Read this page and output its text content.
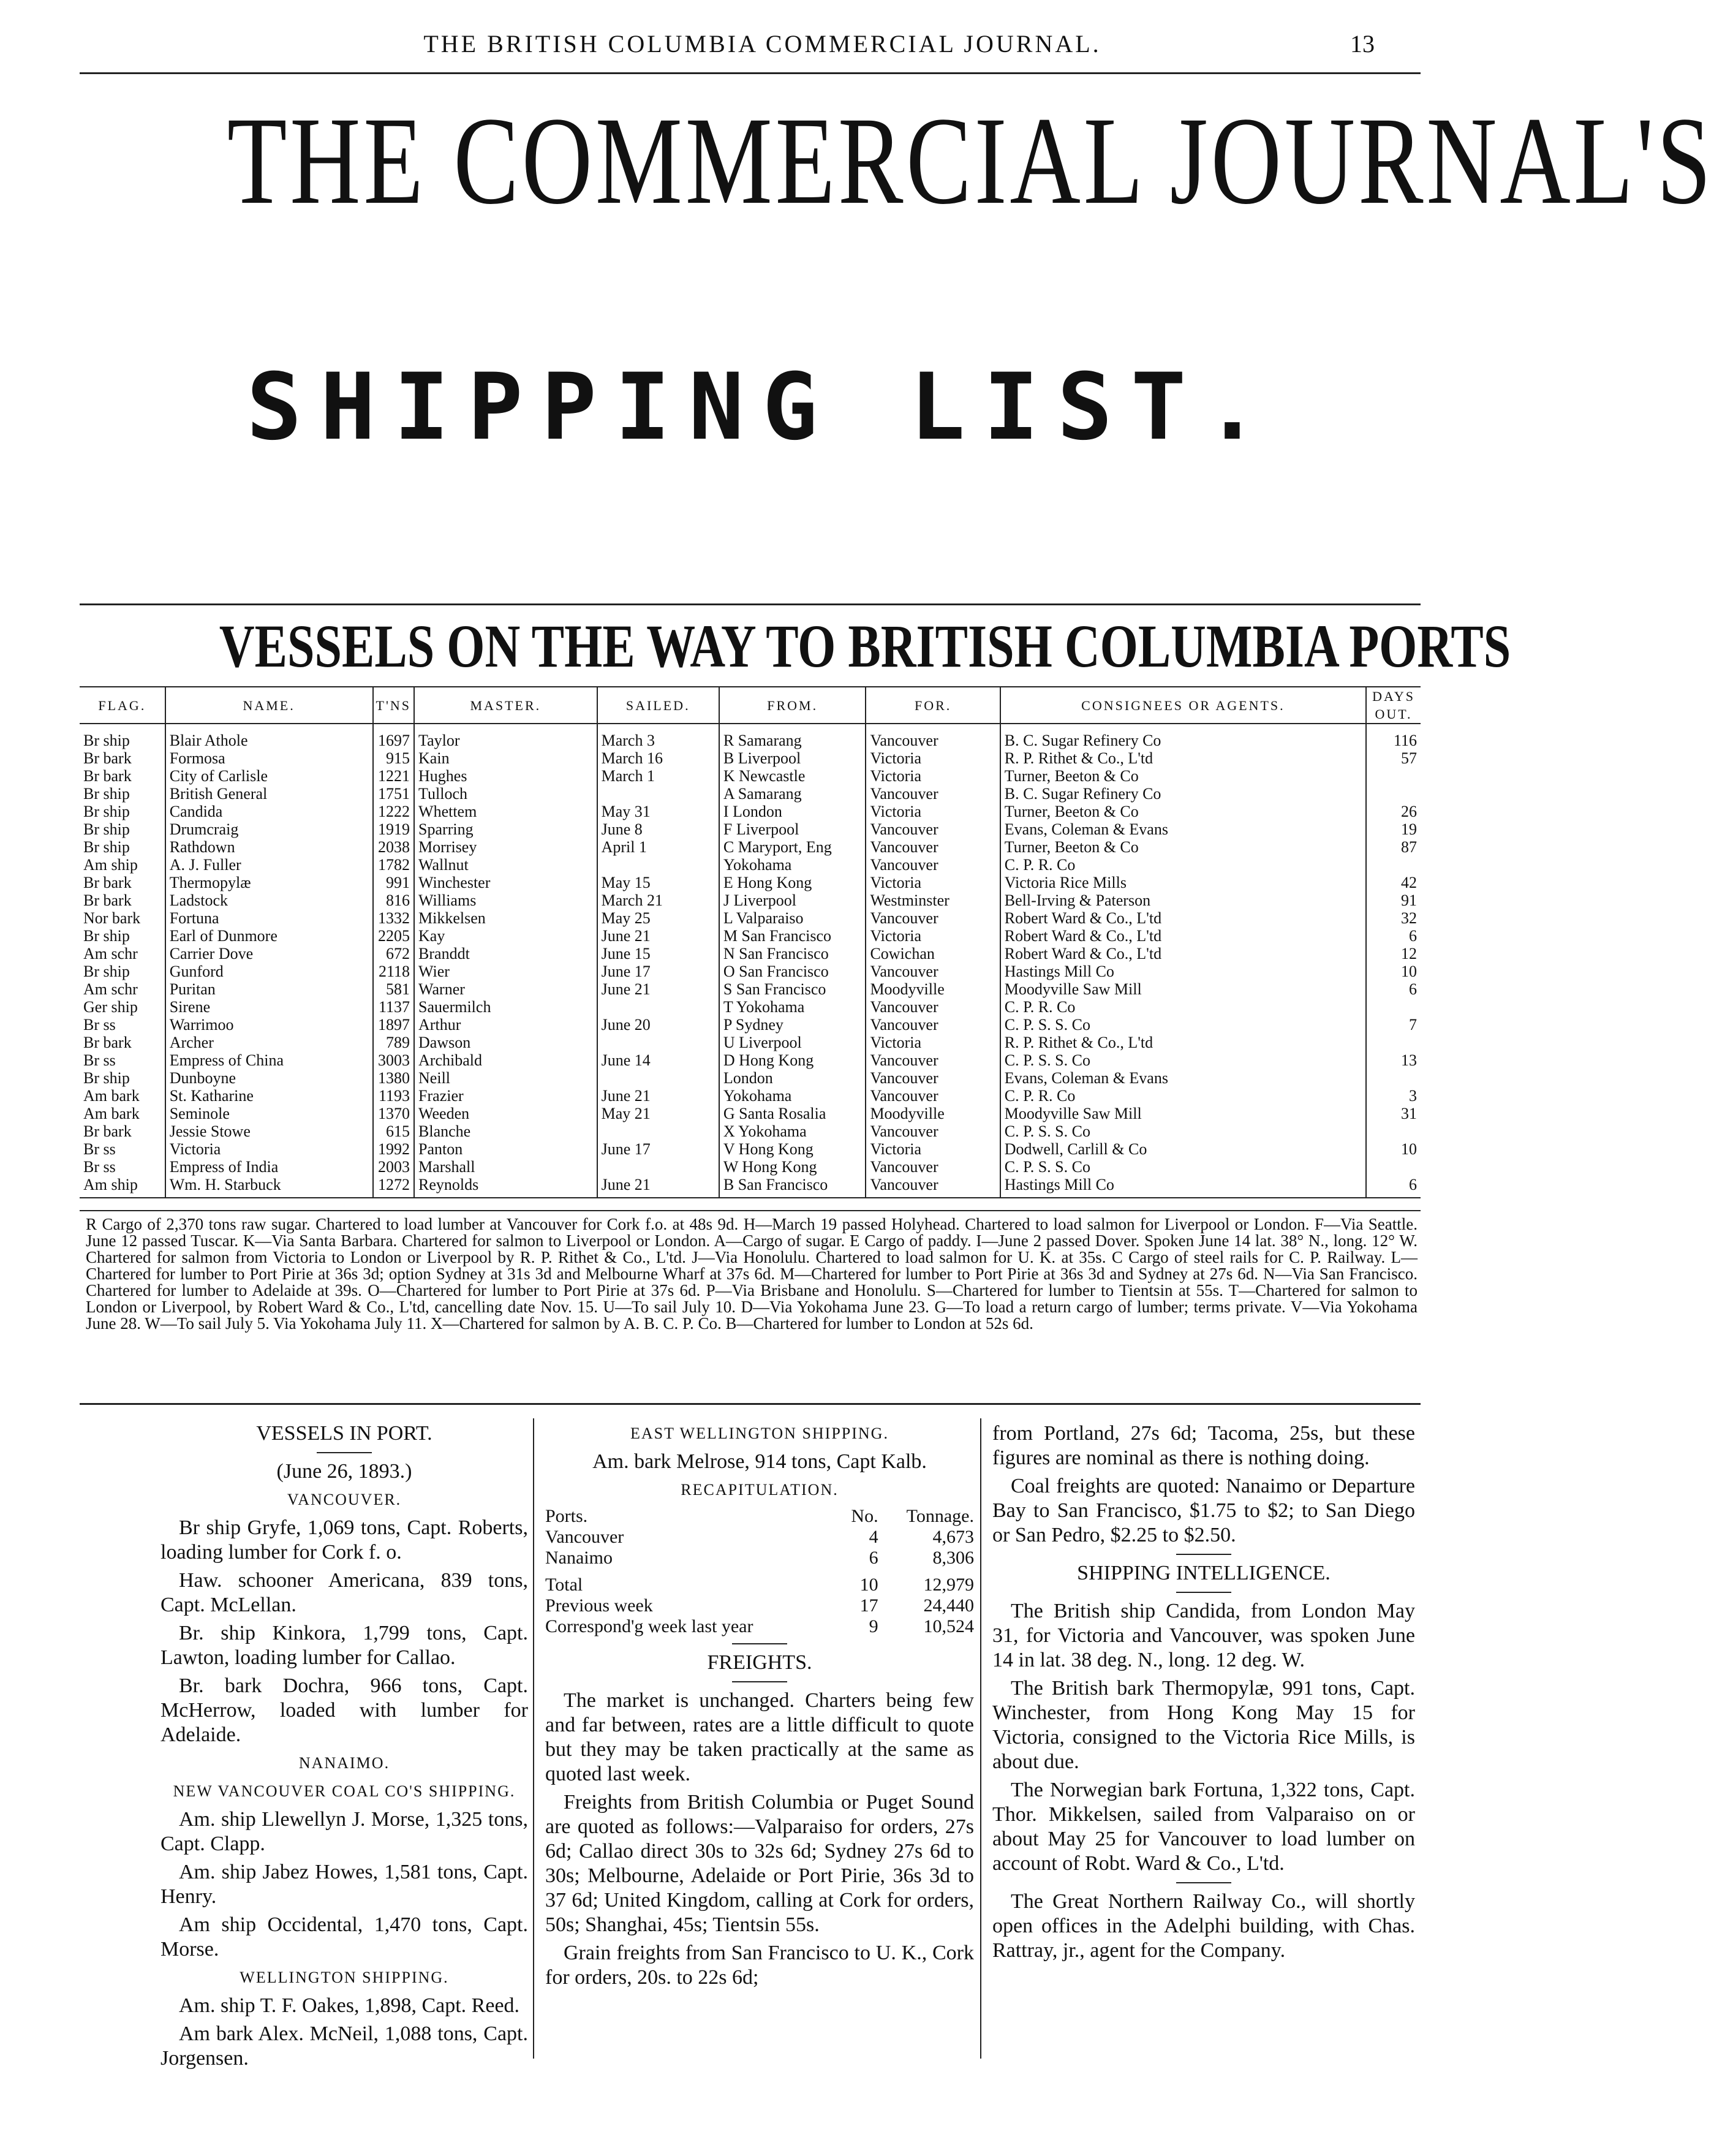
THE BRITISH COLUMBIA COMMERCIAL JOURNAL.	13
THE COMMERCIAL JOURNAL'S
SHIPPING LIST.
VESSELS ON THE WAY TO BRITISH COLUMBIA PORTS
FLAG.	NAME.	T'NS	MASTER.	SAILED.	FROM.	FOR.	CONSIGNEES OR AGENTS.	DAYS OUT.
Br ship	Blair Athole	1697	Taylor	March 3	R Samarang	Vancouver	B. C. Sugar Refinery Co	116
Br bark	Formosa	915	Kain	March 16	B Liverpool	Victoria	R. P. Rithet & Co., L'td	57
Br bark	City of Carlisle	1221	Hughes	March 1	K Newcastle	Victoria	Turner, Beeton & Co	
Br ship	British General	1751	Tulloch		A Samarang	Vancouver	B. C. Sugar Refinery Co	
Br ship	Candida	1222	Whettem	May 31	I London	Victoria	Turner, Beeton & Co	26
Br ship	Drumcraig	1919	Sparring	June 8	F Liverpool	Vancouver	Evans, Coleman & Evans	19
Br ship	Rathdown	2038	Morrisey	April 1	C Maryport, Eng	Vancouver	Turner, Beeton & Co	87
Am ship	A. J. Fuller	1782	Wallnut		Yokohama	Vancouver	C. P. R. Co	
Br bark	Thermopylæ	991	Winchester	May 15	E Hong Kong	Victoria	Victoria Rice Mills	42
Br bark	Ladstock	816	Williams	March 21	J Liverpool	Westminster	Bell-Irving & Paterson	91
Nor bark	Fortuna	1332	Mikkelsen	May 25	L Valparaiso	Vancouver	Robert Ward & Co., L'td	32
Br ship	Earl of Dunmore	2205	Kay	June 21	M San Francisco	Victoria	Robert Ward & Co., L'td	6
Am schr	Carrier Dove	672	Branddt	June 15	N San Francisco	Cowichan	Robert Ward & Co., L'td	12
Br ship	Gunford	2118	Wier	June 17	O San Francisco	Vancouver	Hastings Mill Co	10
Am schr	Puritan	581	Warner	June 21	S San Francisco	Moodyville	Moodyville Saw Mill	6
Ger ship	Sirene	1137	Sauermilch		T Yokohama	Vancouver	C. P. R. Co	
Br ss	Warrimoo	1897	Arthur	June 20	P Sydney	Vancouver	C. P. S. S. Co	7
Br bark	Archer	789	Dawson		U Liverpool	Victoria	R. P. Rithet & Co., L'td	
Br ss	Empress of China	3003	Archibald	June 14	D Hong Kong	Vancouver	C. P. S. S. Co	13
Br ship	Dunboyne	1380	Neill		London	Vancouver	Evans, Coleman & Evans	
Am bark	St. Katharine	1193	Frazier	June 21	Yokohama	Vancouver	C. P. R. Co	3
Am bark	Seminole	1370	Weeden	May 21	G Santa Rosalia	Moodyville	Moodyville Saw Mill	31
Br bark	Jessie Stowe	615	Blanche		X Yokohama	Vancouver	C. P. S. S. Co	
Br ss	Victoria	1992	Panton	June 17	V Hong Kong	Victoria	Dodwell, Carlill & Co	10
Br ss	Empress of India	2003	Marshall		W Hong Kong	Vancouver	C. P. S. S. Co	
Am ship	Wm. H. Starbuck	1272	Reynolds	June 21	B San Francisco	Vancouver	Hastings Mill Co	6
R Cargo of 2,370 tons raw sugar. Chartered to load lumber at Vancouver for Cork f.o. at 48s 9d. H—March 19 passed Holyhead. Chartered to load salmon for Liverpool or London. F—Via Seattle. June 12 passed Tuscar. K—Via Santa Barbara. Chartered for salmon to Liverpool or London. A—Cargo of sugar. E Cargo of paddy. I—June 2 passed Dover. Spoken June 14 lat. 38° N., long. 12° W. Chartered for salmon from Victoria to London or Liverpool by R. P. Rithet & Co., L'td. J—Via Honolulu. Chartered to load salmon for U. K. at 35s. C Cargo of steel rails for C. P. Railway. L—Chartered for lumber to Port Pirie at 36s 3d; option Sydney at 31s 3d and Melbourne Wharf at 37s 6d. M—Chartered for lumber to Port Pirie at 36s 3d and Sydney at 27s 6d. N—Via San Francisco. Chartered for lumber to Adelaide at 39s. O—Chartered for lumber to Port Pirie at 37s 6d. P—Via Brisbane and Honolulu. S—Chartered for lumber to Tientsin at 55s. T—Chartered for salmon to London or Liverpool, by Robert Ward & Co., L'td, cancelling date Nov. 15. U—To sail July 10. D—Via Yokohama June 23. G—To load a return cargo of lumber; terms private. V—Via Yokohama June 28. W—To sail July 5. Via Yokohama July 11. X—Chartered for salmon by A. B. C. P. Co. B—Chartered for lumber to London at 52s 6d.

VESSELS IN PORT.

(June 26, 1893.)

VANCOUVER.

Br ship Gryfe, 1,069 tons, Capt. Roberts, loading lumber for Cork f. o.

Haw. schooner Americana, 839 tons, Capt. McLellan.

Br. ship Kinkora, 1,799 tons, Capt. Lawton, loading lumber for Callao.

Br. bark Dochra, 966 tons, Capt. McHerrow, loaded with lumber for Adelaide.

NANAIMO.

NEW VANCOUVER COAL CO'S SHIPPING.

Am. ship Llewellyn J. Morse, 1,325 tons, Capt. Clapp.

Am. ship Jabez Howes, 1,581 tons, Capt. Henry.

Am ship Occidental, 1,470 tons, Capt. Morse.

WELLINGTON SHIPPING.

Am. ship T. F. Oakes, 1,898, Capt. Reed.

Am bark Alex. McNeil, 1,088 tons, Capt. Jorgensen.

EAST WELLINGTON SHIPPING.

Am. bark Melrose, 914 tons, Capt Kalb.

RECAPITULATION.

Ports.	No.	Tonnage.
Vancouver	4	4,673
Nanaimo	6	8,306
Total	10	12,979
Previous week	17	24,440
Correspond'g week last year	9	10,524

FREIGHTS.

The market is unchanged. Charters being few and far between, rates are a little difficult to quote but they may be taken practically at the same as quoted last week.

Freights from British Columbia or Puget Sound are quoted as follows:—Valparaiso for orders, 27s 6d; Callao direct 30s to 32s 6d; Sydney 27s 6d to 30s; Melbourne, Adelaide or Port Pirie, 36s 3d to 37 6d; United Kingdom, calling at Cork for orders, 50s; Shanghai, 45s; Tientsin 55s.

Grain freights from San Francisco to U. K., Cork for orders, 20s. to 22s 6d;

from Portland, 27s 6d; Tacoma, 25s, but these figures are nominal as there is nothing doing.

Coal freights are quoted: Nanaimo or Departure Bay to San Francisco, $1.75 to $2; to San Diego or San Pedro, $2.25 to $2.50.

SHIPPING INTELLIGENCE.

The British ship Candida, from London May 31, for Victoria and Vancouver, was spoken June 14 in lat. 38 deg. N., long. 12 deg. W.

The British bark Thermopylæ, 991 tons, Capt. Winchester, from Hong Kong May 15 for Victoria, consigned to the Victoria Rice Mills, is about due.

The Norwegian bark Fortuna, 1,322 tons, Capt. Thor. Mikkelsen, sailed from Valparaiso on or about May 25 for Vancouver to load lumber on account of Robt. Ward & Co., L'td.

The Great Northern Railway Co., will shortly open offices in the Adelphi building, with Chas. Rattray, jr., agent for the Company.
